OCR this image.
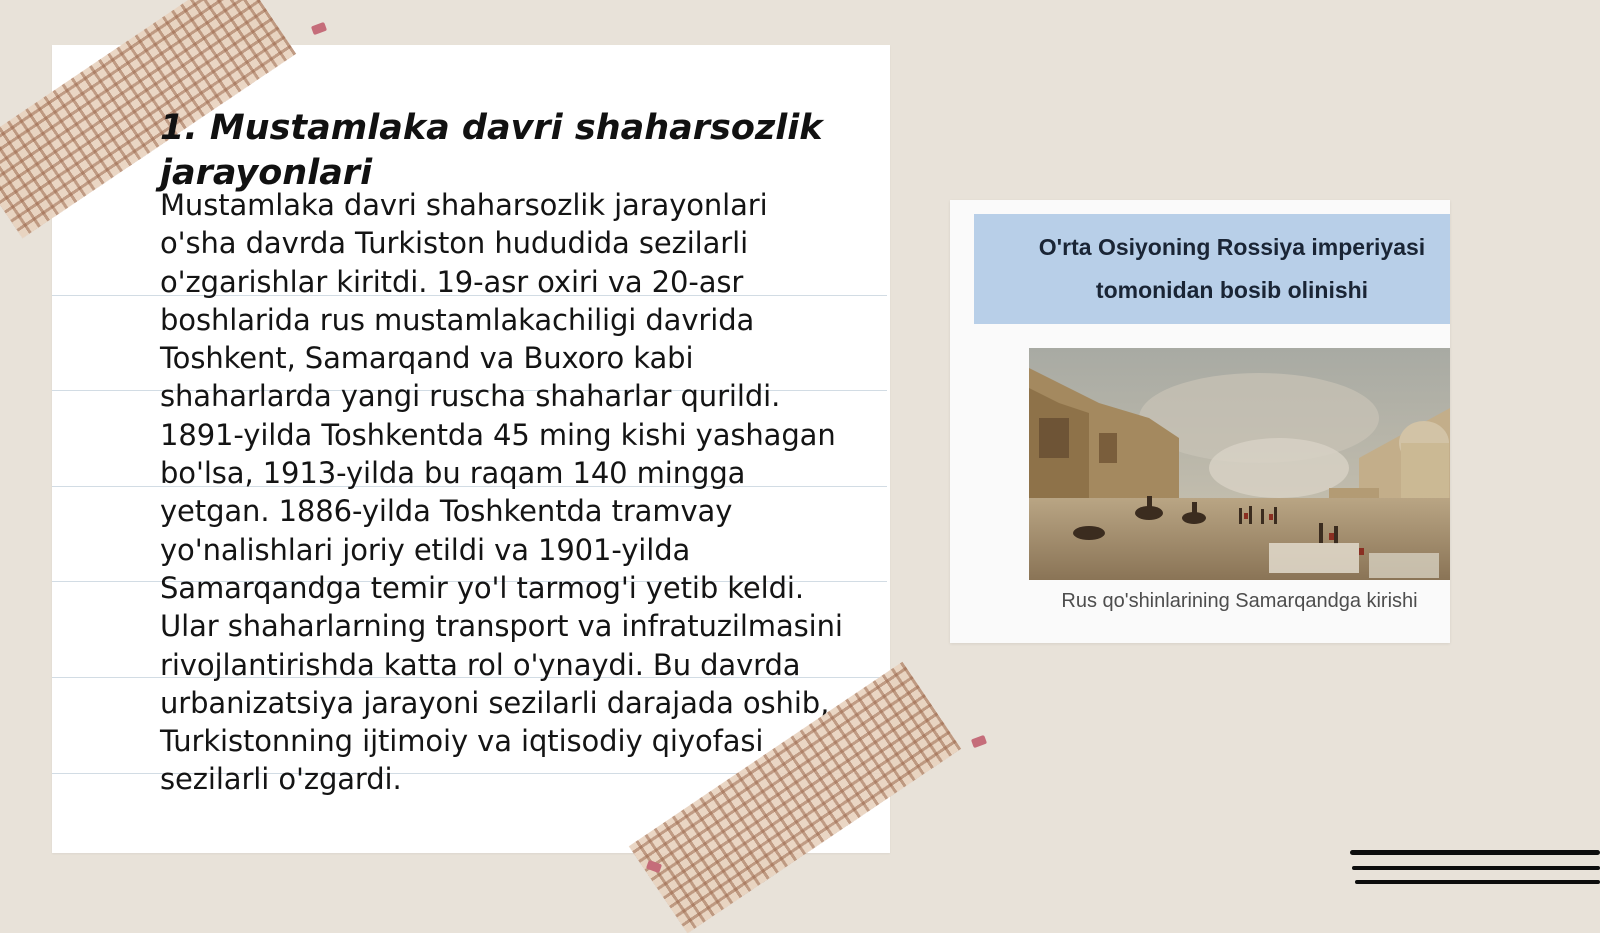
1. Mustamlaka davri shaharsozlik jarayonlari

Mustamlaka davri shaharsozlik jarayonlari o'sha davrda Turkiston hududida sezilarli o'zgarishlar kiritdi. 19-asr oxiri va 20-asr boshlarida rus mustamlakachiligi davrida Toshkent, Samarqand va Buxoro kabi shaharlarda yangi ruscha shaharlar qurildi. 1891-yilda Toshkentda 45 ming kishi yashagan bo'lsa, 1913-yilda bu raqam 140 mingga yetgan. 1886-yilda Toshkentda tramvay yo'nalishlari joriy etildi va 1901-yilda Samarqandga temir yo'l tarmog'i yetib keldi. Ular shaharlarning transport va infratuzilmasini rivojlantirishda katta rol o'ynaydi. Bu davrda urbanizatsiya jarayoni sezilarli darajada oshib, Turkistonning ijtimoiy va iqtisodiy qiyofasi sezilarli o'zgardi.

O'rta Osiyoning Rossiya imperiyasi tomonidan bosib olinishi

Rus qo'shinlarining Samarqandga kirishi
